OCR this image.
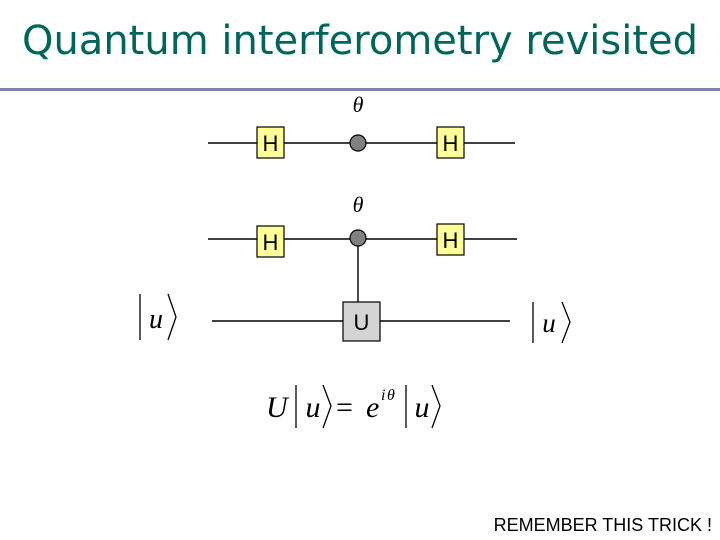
Quantum interferometry revisited
H
θ
H
H
θ
H
U
u	u
U u = e i θ u
REMEMBER THIS TRICK !
